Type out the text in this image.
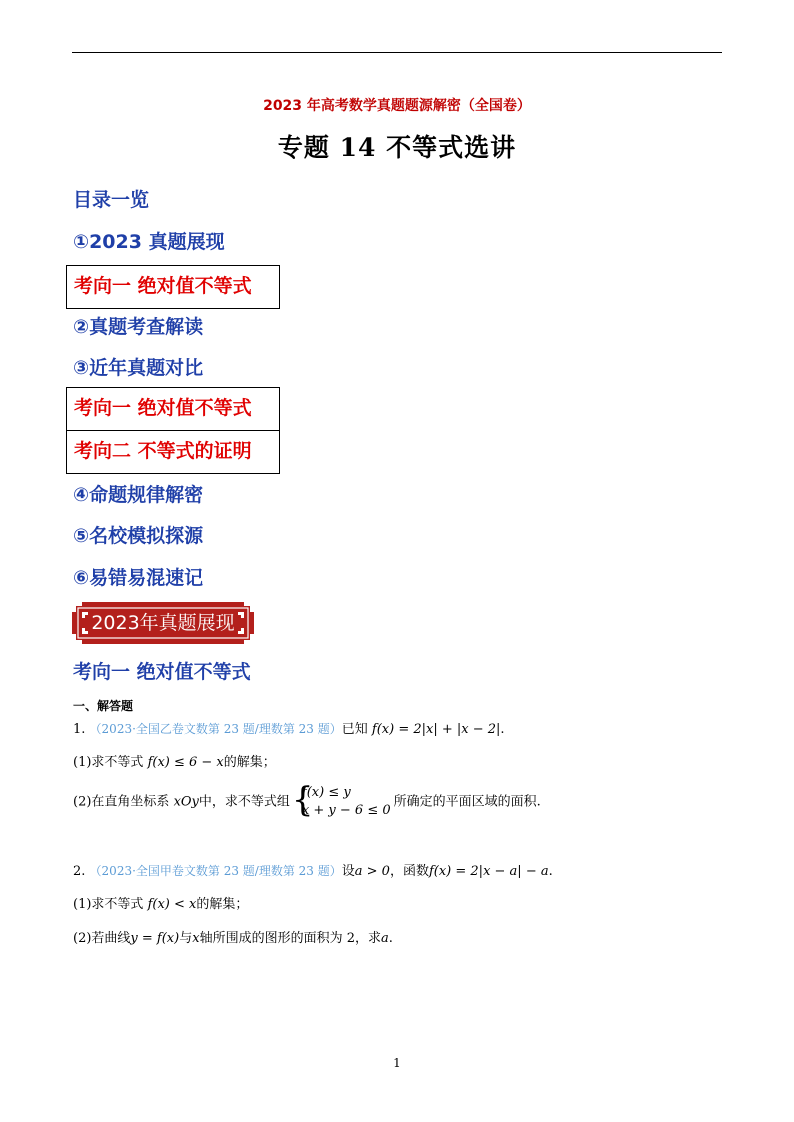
2023 年高考数学真题题源解密（全国卷）
专题 14 不等式选讲
目录一览
①2023 真题展现
考向一 绝对值不等式
②真题考查解读
③近年真题对比
考向一 绝对值不等式
考向二 不等式的证明
④命题规律解密
⑤名校模拟探源
⑥易错易混速记
2023年真题展现
考向一 绝对值不等式
一、解答题
1. （2023·全国乙卷文数第 23 题/理数第 23 题）已知 f(x) = 2|x| + |x − 2|.
(1)求不等式 f(x) ≤ 6 − x的解集；
(2)在直角坐标系 xOy中，求不等式组 {
f(x) ≤ y
x + y − 6 ≤ 0
所确定的平面区域的面积.
2. （2023·全国甲卷文数第 23 题/理数第 23 题）设a > 0，函数f(x) = 2|x − a| − a.
(1)求不等式 f(x) < x的解集；
(2)若曲线y = f(x)与x轴所围成的图形的面积为 2，求a.
1
